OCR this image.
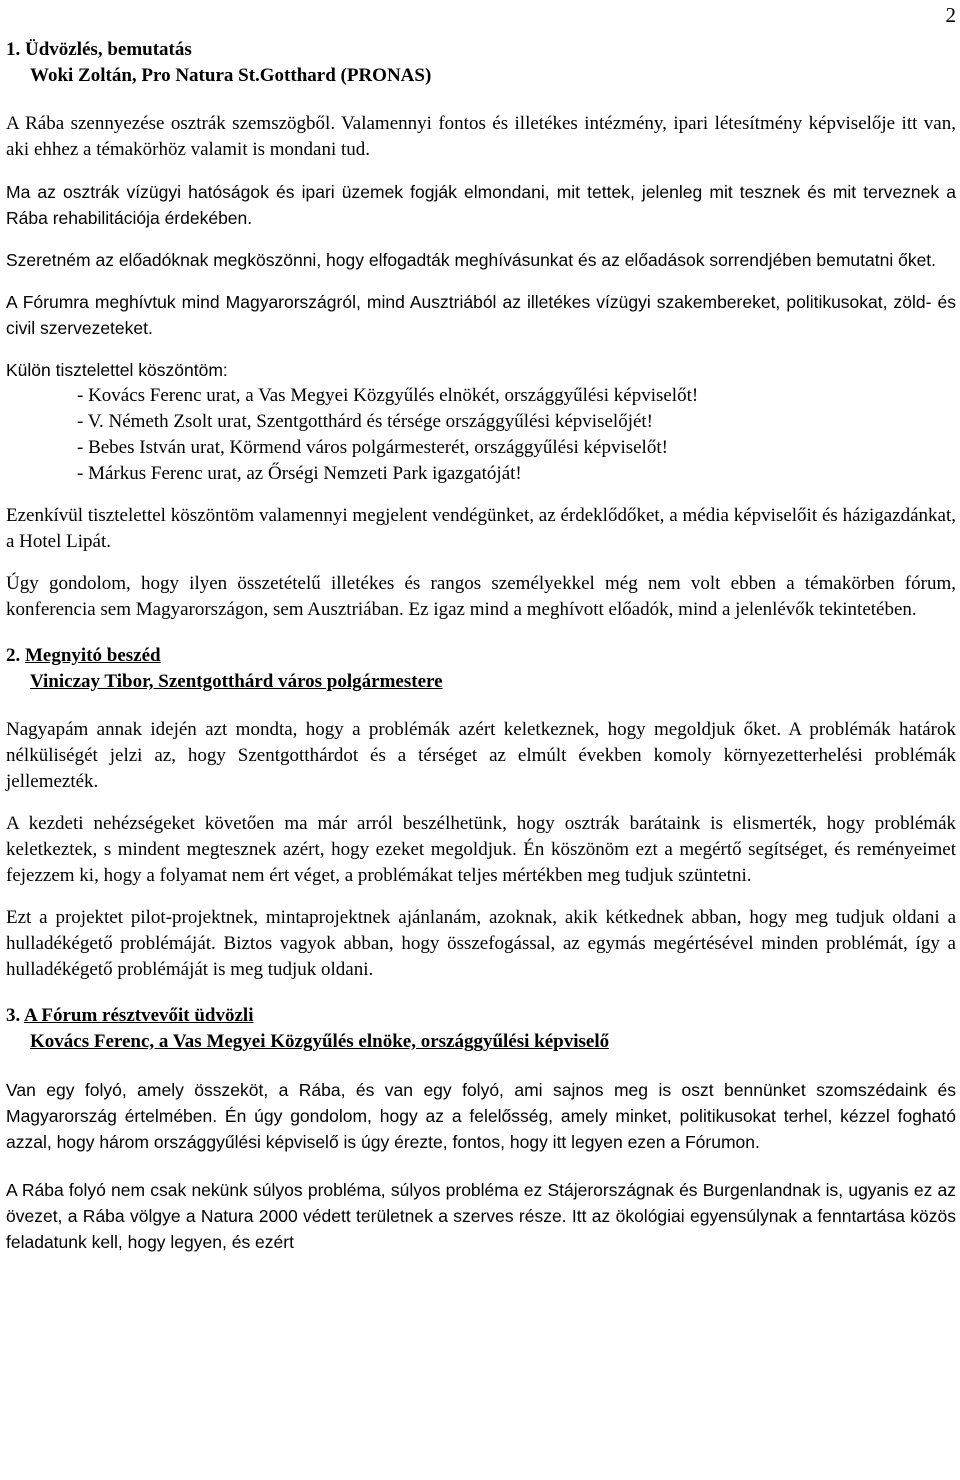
2
1. Üdvözlés, bemutatás
Woki Zoltán, Pro Natura St.Gotthard (PRONAS)

A Rába szennyezése osztrák szemszögből. Valamennyi fontos és illetékes intézmény, ipari létesítmény képviselője itt van, aki ehhez a témakörhöz valamit is mondani tud.

Ma az osztrák vízügyi hatóságok és ipari üzemek fogják elmondani, mit tettek, jelenleg mit tesznek és mit terveznek a Rába rehabilitációja érdekében.

Szeretném az előadóknak megköszönni, hogy elfogadták meghívásunkat és az előadások sorrendjében bemutatni őket.

A Fórumra meghívtuk mind Magyarországról, mind Ausztriából az illetékes vízügyi szakembereket, politikusokat, zöld- és civil szervezeteket.

Külön tisztelettel köszöntöm:

- Kovács Ferenc urat, a Vas Megyei Közgyűlés elnökét, országgyűlési képviselőt!
- V. Németh Zsolt urat, Szentgotthárd és térsége országgyűlési képviselőjét!
- Bebes István urat, Körmend város polgármesterét, országgyűlési képviselőt!
- Márkus Ferenc urat, az Őrségi Nemzeti Park igazgatóját!

Ezenkívül tisztelettel köszöntöm valamennyi megjelent vendégünket, az érdeklődőket, a média képviselőit és házigazdánkat, a Hotel Lipát.

Úgy gondolom, hogy ilyen összetételű illetékes és rangos személyekkel még nem volt ebben a témakörben fórum, konferencia sem Magyarországon, sem Ausztriában. Ez igaz mind a meghívott előadók, mind a jelenlévők tekintetében.

2. Megnyitó beszéd
Viniczay Tibor, Szentgotthárd város polgármestere

Nagyapám annak idején azt mondta, hogy a problémák azért keletkeznek, hogy megoldjuk őket. A problémák határok nélküliségét jelzi az, hogy Szentgotthárdot és a térséget az elmúlt években komoly környezetterhelési problémák jellemezték.

A kezdeti nehézségeket követően ma már arról beszélhetünk, hogy osztrák barátaink is elismerték, hogy problémák keletkeztek, s mindent megtesznek azért, hogy ezeket megoldjuk. Én köszönöm ezt a megértő segítséget, és reményeimet fejezzem ki, hogy a folyamat nem ért véget, a problémákat teljes mértékben meg tudjuk szüntetni.

Ezt a projektet pilot-projektnek, mintaprojektnek ajánlanám, azoknak, akik kétkednek abban, hogy meg tudjuk oldani a hulladékégető problémáját. Biztos vagyok abban, hogy összefogással, az egymás megértésével minden problémát, így a hulladékégető problémáját is meg tudjuk oldani.

3. A Fórum résztvevőit üdvözli
Kovács Ferenc, a Vas Megyei Közgyűlés elnöke, országgyűlési képviselő

Van egy folyó, amely összeköt, a Rába, és van egy folyó, ami sajnos meg is oszt bennünket szomszédaink és Magyarország értelmében. Én úgy gondolom, hogy az a felelősség, amely minket, politikusokat terhel, kézzel fogható azzal, hogy három országgyűlési képviselő is úgy érezte, fontos, hogy itt legyen ezen a Fórumon.

A Rába folyó nem csak nekünk súlyos probléma, súlyos probléma ez Stájerországnak és Burgenlandnak is, ugyanis ez az övezet, a Rába völgye a Natura 2000 védett területnek a szerves része. Itt az ökológiai egyensúlynak a fenntartása közös feladatunk kell, hogy legyen, és ezért
